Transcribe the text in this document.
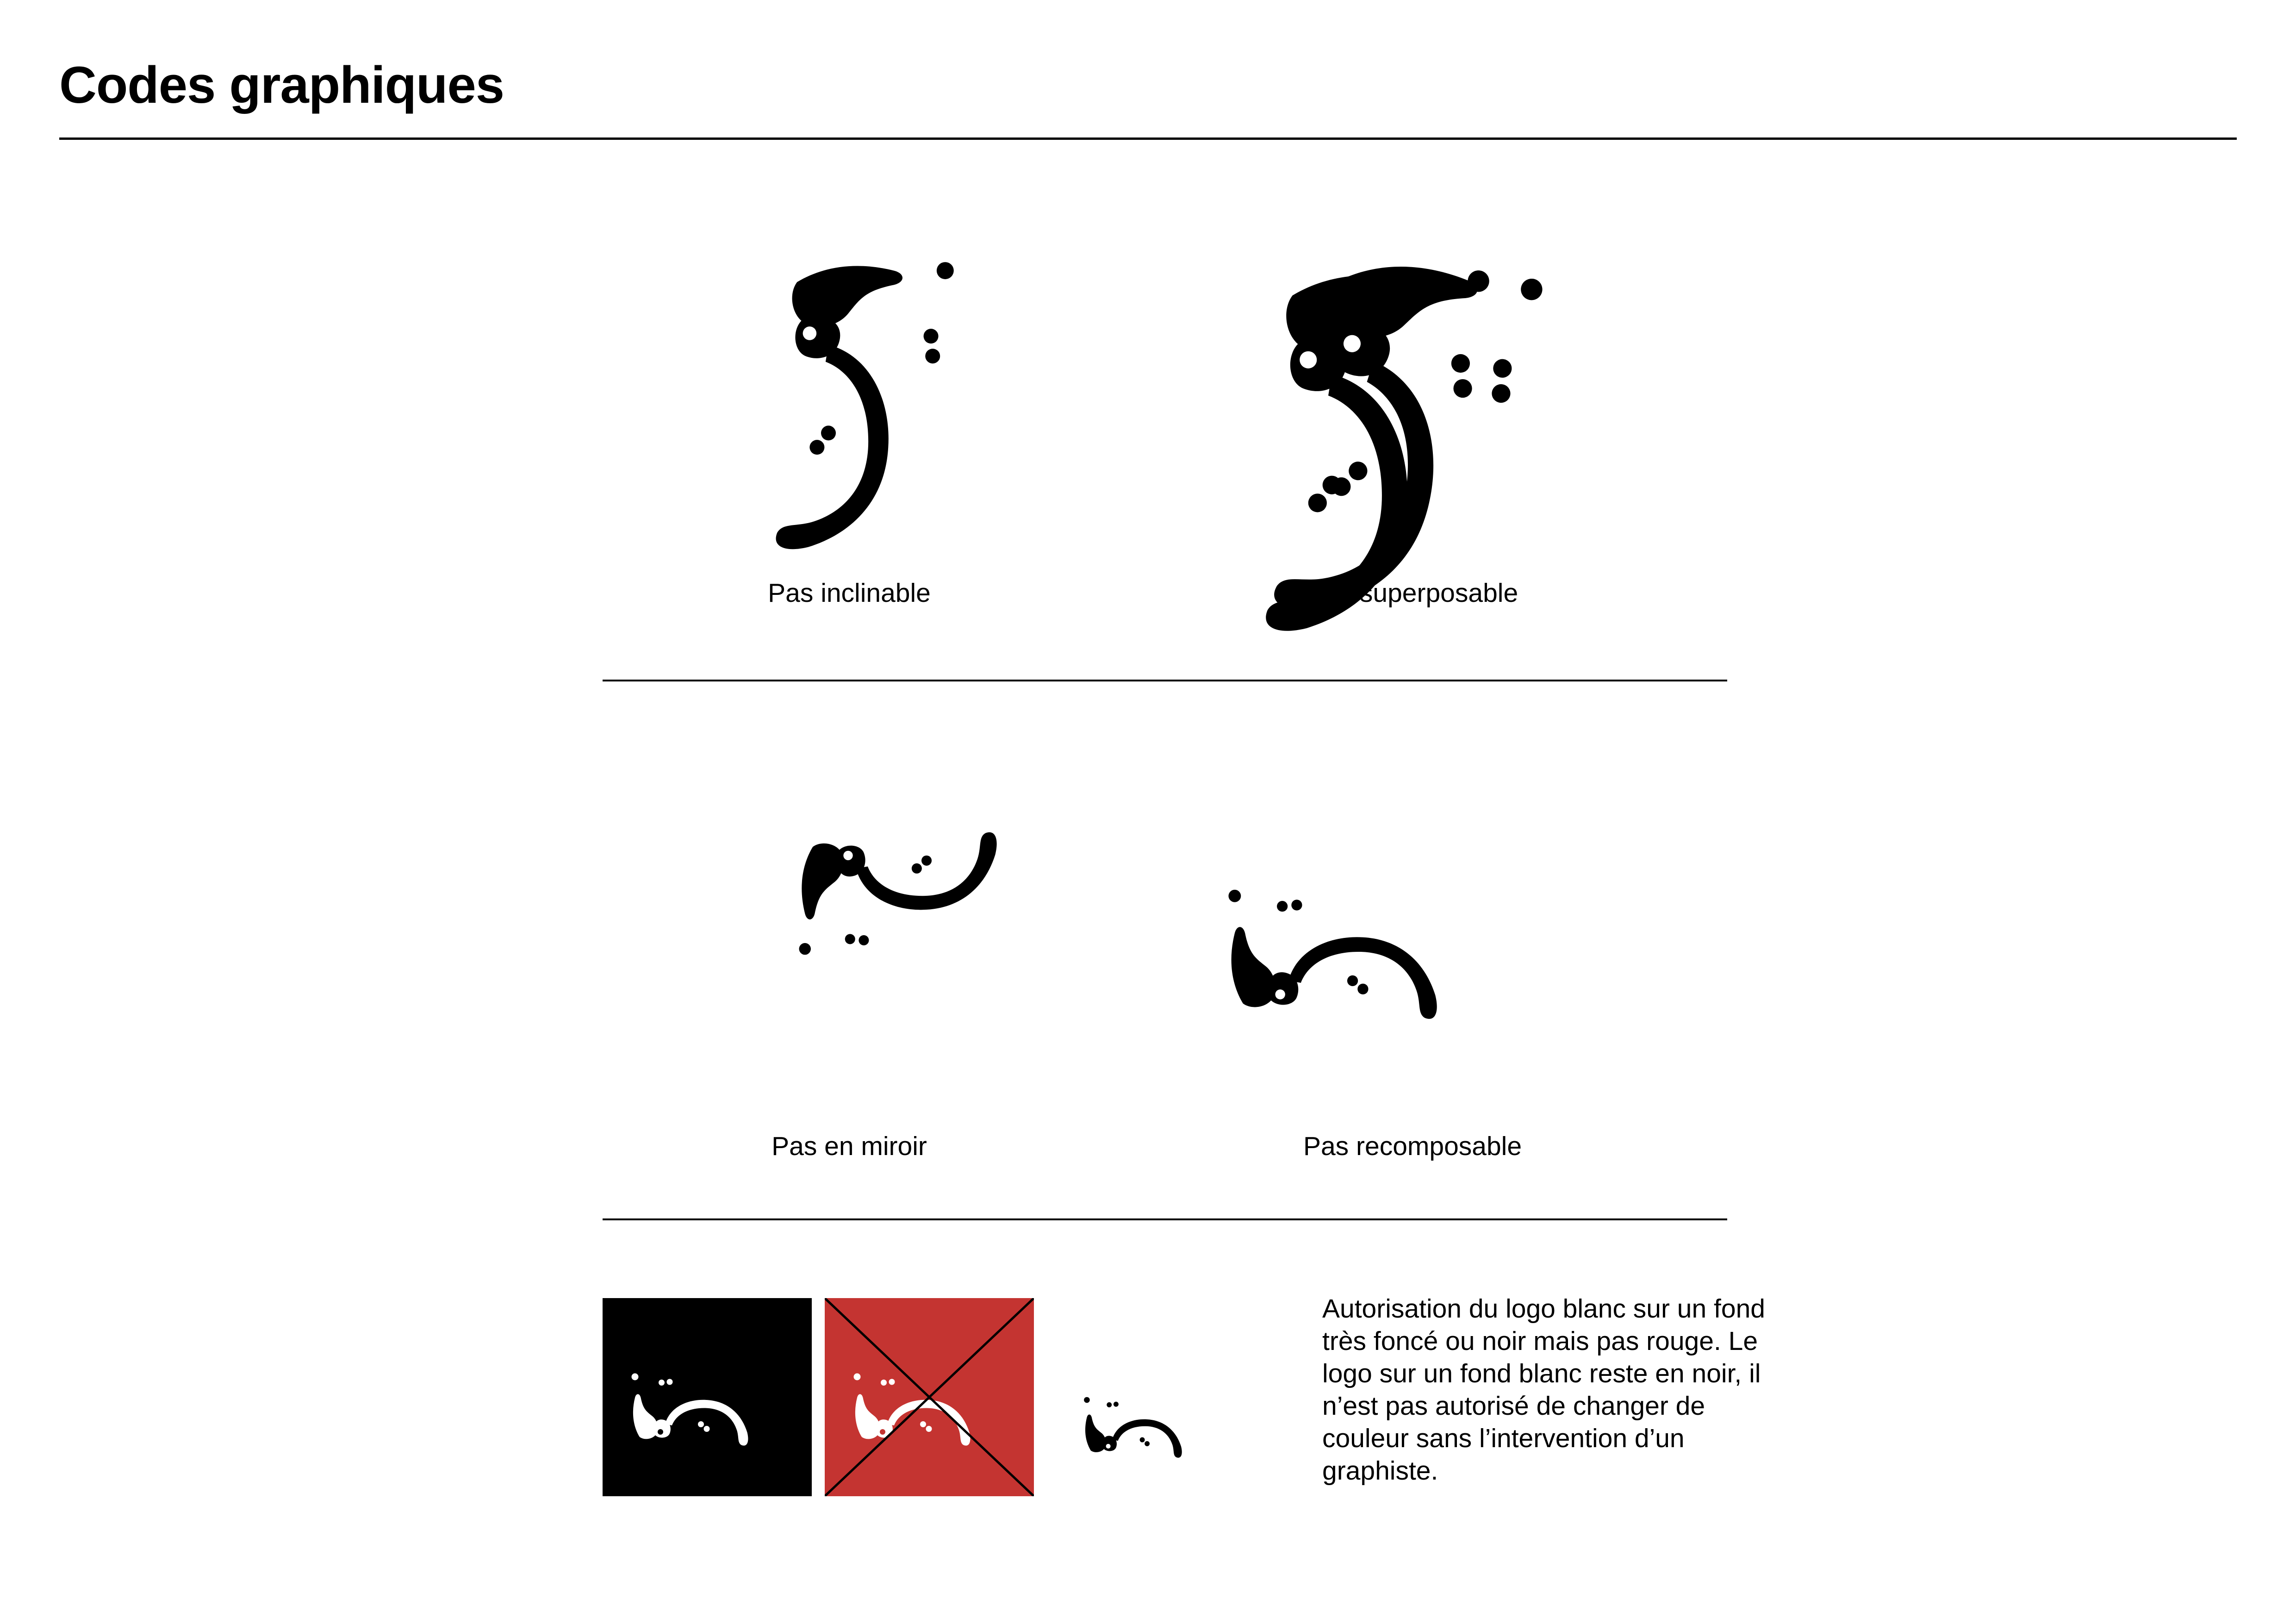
Codes graphiques
Pas inclinable	Pas superposable
Pas en miroir	Pas recomposable

Autorisation du logo blanc sur un fond très foncé ou noir mais pas rouge. Le logo sur un fond blanc reste en noir, il n’est pas autorisé de changer de couleur sans l’intervention d’un graphiste.
